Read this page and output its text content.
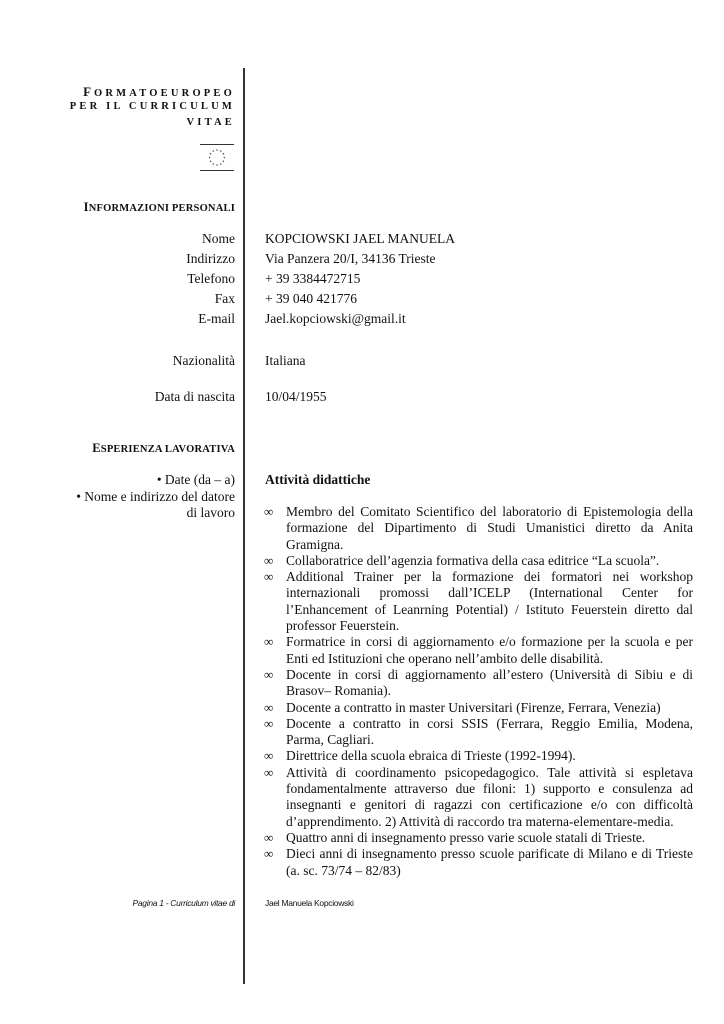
FORMATOEUROPEO
PER IL CURRICULUM
VITAE
INFORMAZIONI PERSONALI
Nome KOPCIOWSKI JAEL MANUELA
Indirizzo Via Panzera 20/I, 34136 Trieste
Telefono + 39 3384472715
Fax + 39 040 421776
E-mail Jael.kopciowski@gmail.it
Nazionalità Italiana
Data di nascita 10/04/1955
ESPERIENZA LAVORATIVA
• Date (da – a)
• Nome e indirizzo del datore
di lavoro
Attività didattiche
∞ Membro del Comitato Scientifico del laboratorio di Epistemologia della formazione del Dipartimento di Studi Umanistici diretto da Anita Gramigna.
∞ Collaboratrice dell’agenzia formativa della casa editrice “La scuola”.
∞ Additional Trainer per la formazione dei formatori nei workshop internazionali promossi dall’ICELP (International Center for l’Enhancement of Leanrning Potential) / Istituto Feuerstein diretto dal professor Feuerstein.
∞ Formatrice in corsi di aggiornamento e/o formazione per la scuola e per Enti ed Istituzioni che operano nell’ambito delle disabilità.
∞ Docente in corsi di aggiornamento all’estero (Università di Sibiu e di Brasov– Romania).
∞ Docente a contratto in master Universitari (Firenze, Ferrara, Venezia)
∞ Docente a contratto in corsi SSIS (Ferrara, Reggio Emilia, Modena, Parma, Cagliari.
∞ Direttrice della scuola ebraica di Trieste (1992-1994).
∞ Attività di coordinamento psicopedagogico. Tale attività si espletava fondamentalmente attraverso due filoni: 1) supporto e consulenza ad insegnanti e genitori di ragazzi con certificazione e/o con difficoltà d’apprendimento. 2) Attività di raccordo tra materna-elementare-media.
∞ Quattro anni di insegnamento presso varie scuole statali di Trieste.
∞ Dieci anni di insegnamento presso scuole parificate di Milano e di Trieste (a. sc. 73/74 – 82/83)
Pagina 1 - Curriculum vitae di	Jael Manuela Kopciowski
